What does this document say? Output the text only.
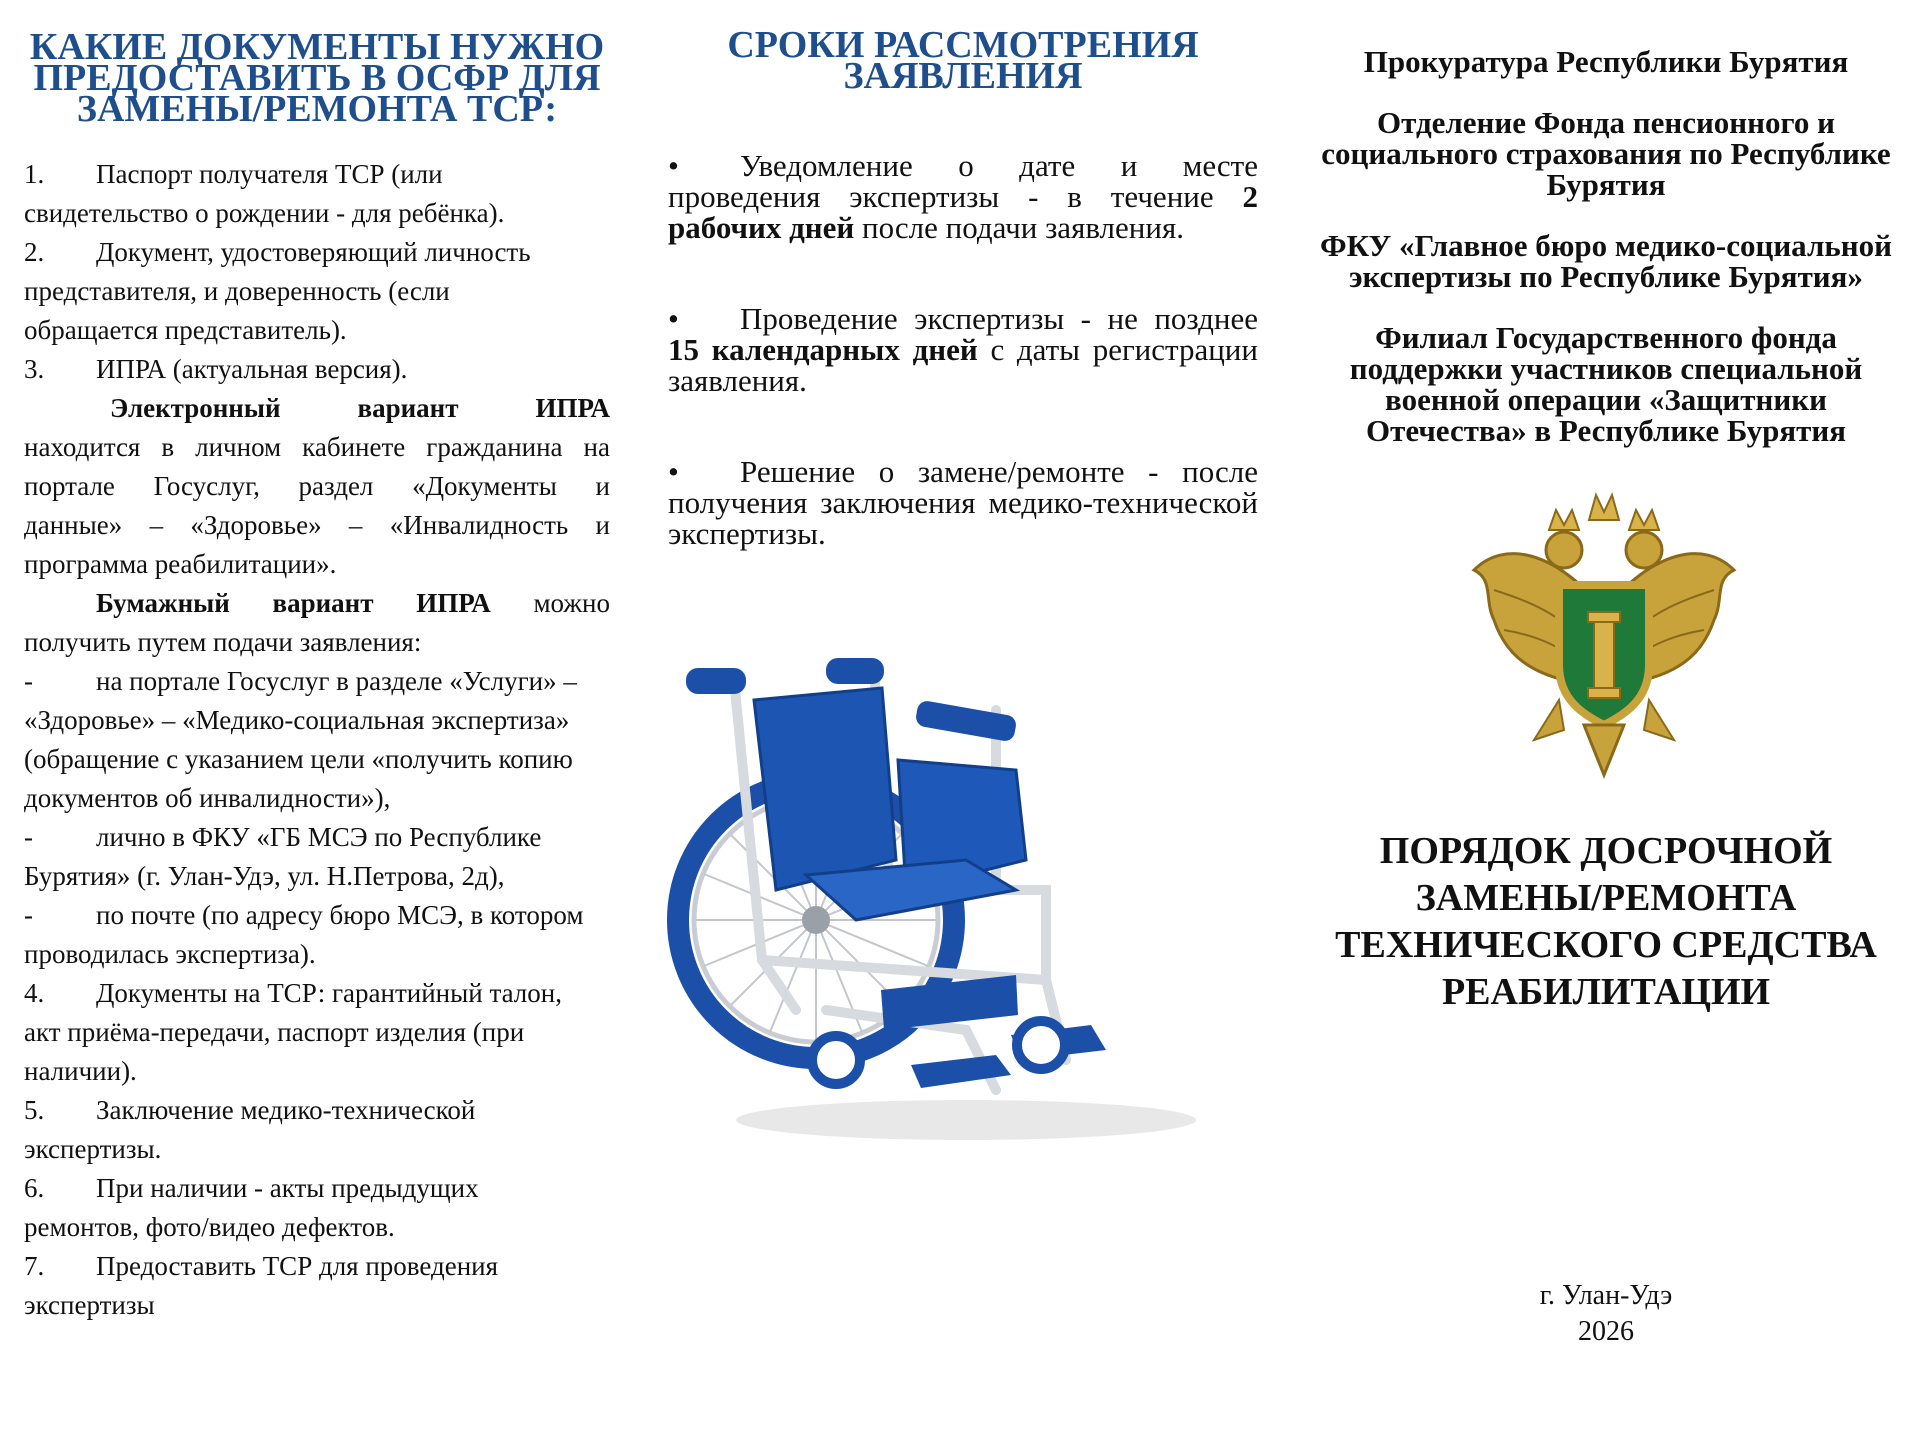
КАКИЕ ДОКУМЕНТЫ НУЖНО ПРЕДОСТАВИТЬ В ОСФР ДЛЯ ЗАМЕНЫ/РЕМОНТА ТСР:
1.	Паспорт получателя ТСР (или
свидетельство о рождении - для ребёнка).
2.	Документ, удостоверяющий личность
представителя, и доверенность (если
обращается представитель).
3.	ИПРА (актуальная версия).
Электронный вариант ИПРА
находится в личном кабинете гражданина на
портале Госуслуг, раздел «Документы и
данные» – «Здоровье» – «Инвалидность и
программа реабилитации».
Бумажный вариант ИПРА можно
получить путем подачи заявления:
-	на портале Госуслуг в разделе «Услуги» –
«Здоровье» – «Медико-социальная экспертиза»
(обращение с указанием цели «получить копию
документов об инвалидности»),
-	лично в ФКУ «ГБ МСЭ по Республике
Бурятия» (г. Улан-Удэ, ул. Н.Петрова, 2д),
-	по почте (по адресу бюро МСЭ, в котором
проводилась экспертиза).
4.	Документы на ТСР: гарантийный талон,
акт приёма-передачи, паспорт изделия (при
наличии).
5.	Заключение медико-технической
экспертизы.
6.	При наличии - акты предыдущих
ремонтов, фото/видео дефектов.
7.	Предоставить ТСР для проведения
экспертизы
СРОКИ РАССМОТРЕНИЯ ЗАЯВЛЕНИЯ
• Уведомление о дате и месте проведения экспертизы - в течение 2 рабочих дней после подачи заявления.
• Проведение экспертизы - не позднее 15 календарных дней с даты регистрации заявления.
• Решение о замене/ремонте - после получения заключения медико-технической экспертизы.

Прокуратура Республики Бурятия

Отделение Фонда пенсионного и социального страхования по Республике Бурятия

ФКУ «Главное бюро медико-социальной экспертизы по Республике Бурятия»

Филиал Государственного фонда поддержки участников специальной военной операции «Защитники Отечества» в Республике Бурятия

ПОРЯДОК ДОСРОЧНОЙ ЗАМЕНЫ/РЕМОНТА ТЕХНИЧЕСКОГО СРЕДСТВА РЕАБИЛИТАЦИИ
г. Улан-Удэ
2026
